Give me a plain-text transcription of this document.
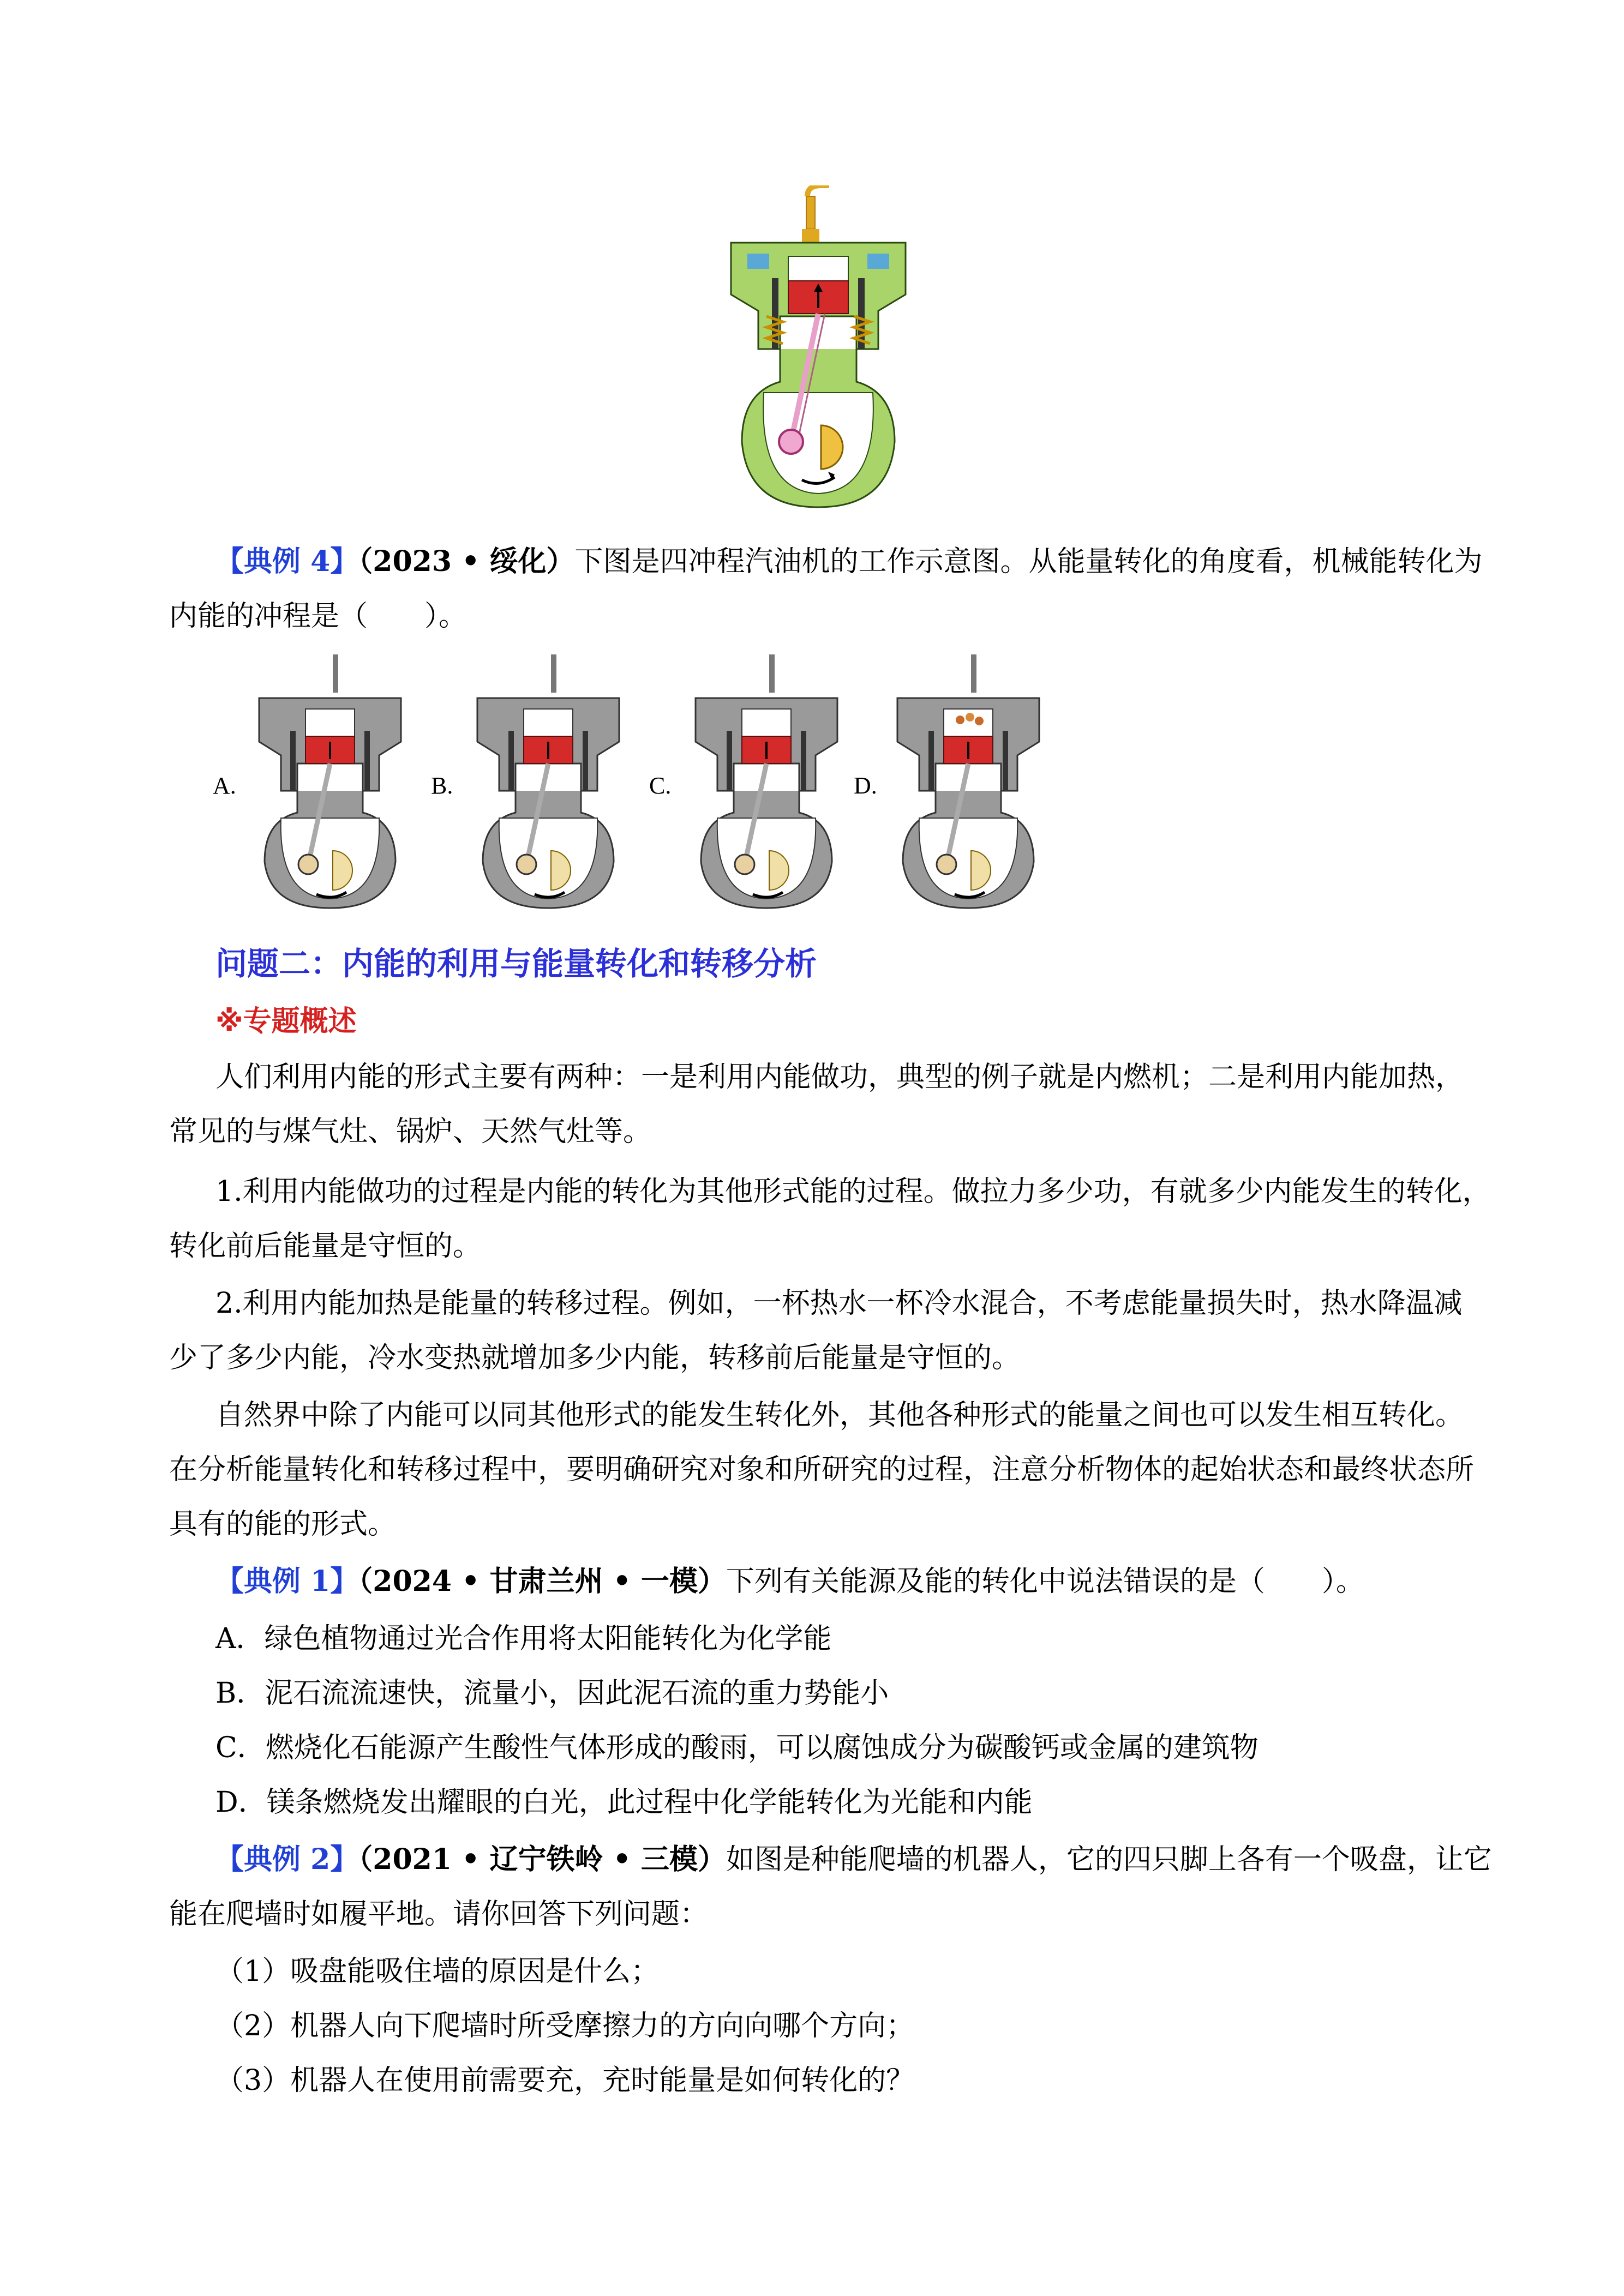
【典例 4】（2023 • 绥化）下图是四冲程汽油机的工作示意图。从能量转化的角度看，机械能转化为

内能的冲程是（　　）。

A.	B.	C.	D.
问题二：内能的利用与能量转化和转移分析
※专题概述

人们利用内能的形式主要有两种：一是利用内能做功，典型的例子就是内燃机；二是利用内能加热，

常见的与煤气灶、锅炉、天然气灶等。

1.利用内能做功的过程是内能的转化为其他形式能的过程。做拉力多少功，有就多少内能发生的转化，

转化前后能量是守恒的。

2.利用内能加热是能量的转移过程。例如，一杯热水一杯冷水混合，不考虑能量损失时，热水降温减

少了多少内能，冷水变热就增加多少内能，转移前后能量是守恒的。

自然界中除了内能可以同其他形式的能发生转化外，其他各种形式的能量之间也可以发生相互转化。

在分析能量转化和转移过程中，要明确研究对象和所研究的过程，注意分析物体的起始状态和最终状态所

具有的能的形式。

【典例 1】（2024 • 甘肃兰州 • 一模）下列有关能源及能的转化中说法错误的是（　　）。

A．绿色植物通过光合作用将太阳能转化为化学能

B．泥石流流速快，流量小，因此泥石流的重力势能小

C．燃烧化石能源产生酸性气体形成的酸雨，可以腐蚀成分为碳酸钙或金属的建筑物

D．镁条燃烧发出耀眼的白光，此过程中化学能转化为光能和内能

【典例 2】（2021 • 辽宁铁岭 • 三模）如图是种能爬墙的机器人，它的四只脚上各有一个吸盘，让它

能在爬墙时如履平地。请你回答下列问题：

（1）吸盘能吸住墙的原因是什么；

（2）机器人向下爬墙时所受摩擦力的方向向哪个方向；

（3）机器人在使用前需要充，充时能量是如何转化的？
